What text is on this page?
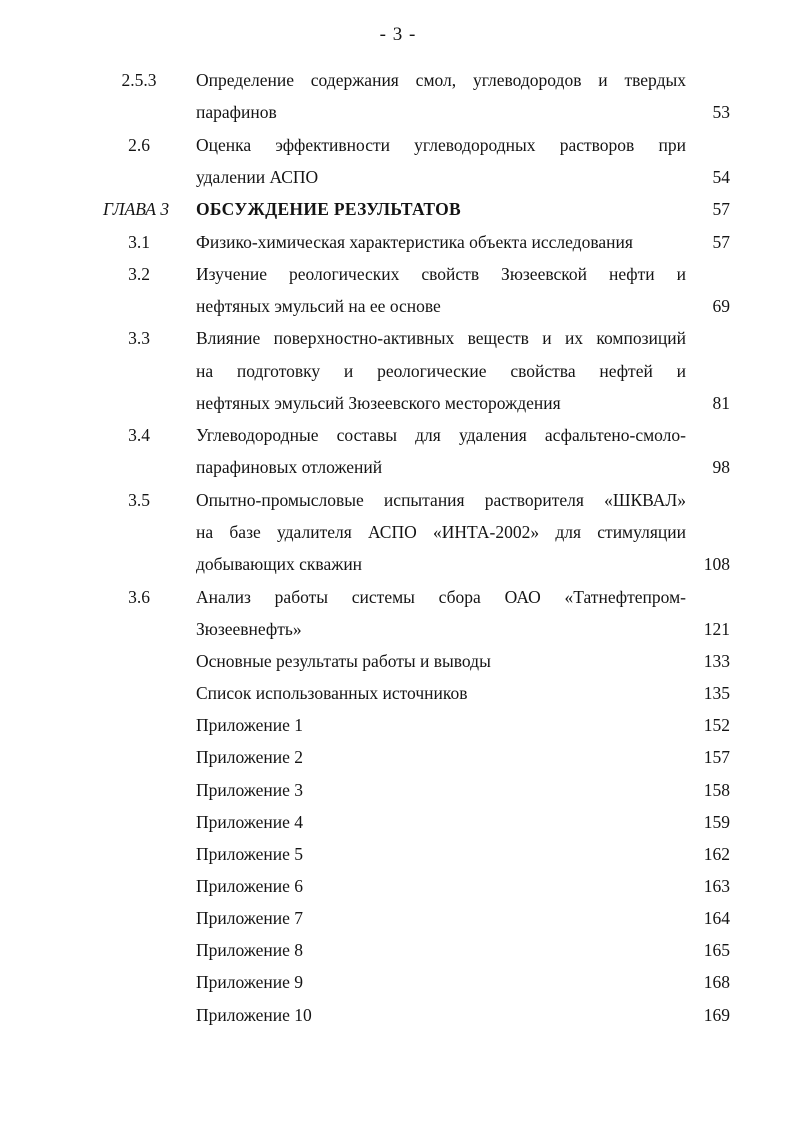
- 3 -
2.5.3	Определение содержания смол, углеводородов и твердых
парафинов	53
2.6	Оценка эффективности углеводородных растворов при
удалении АСПО	54
ГЛАВА 3	ОБСУЖДЕНИЕ РЕЗУЛЬТАТОВ	57
3.1	Физико-химическая характеристика объекта исследования	57
3.2	Изучение реологических свойств Зюзеевской нефти и
нефтяных эмульсий на ее основе	69
3.3	Влияние поверхностно-активных веществ и их композиций
на подготовку и реологические свойства нефтей и
нефтяных эмульсий Зюзеевского месторождения	81
3.4	Углеводородные составы для удаления асфальтено-смоло-
парафиновых отложений	98
3.5	Опытно-промысловые испытания растворителя «ШКВАЛ»
на базе удалителя АСПО «ИНТА-2002» для стимуляции
добывающих скважин	108
3.6	Анализ работы системы сбора ОАО «Татнефтепром-
Зюзеевнефть»	121
Основные результаты работы и выводы	133
Список использованных источников	135
Приложение 1	152
Приложение 2	157
Приложение 3	158
Приложение 4	159
Приложение 5	162
Приложение 6	163
Приложение 7	164
Приложение 8	165
Приложение 9	168
Приложение 10	169
